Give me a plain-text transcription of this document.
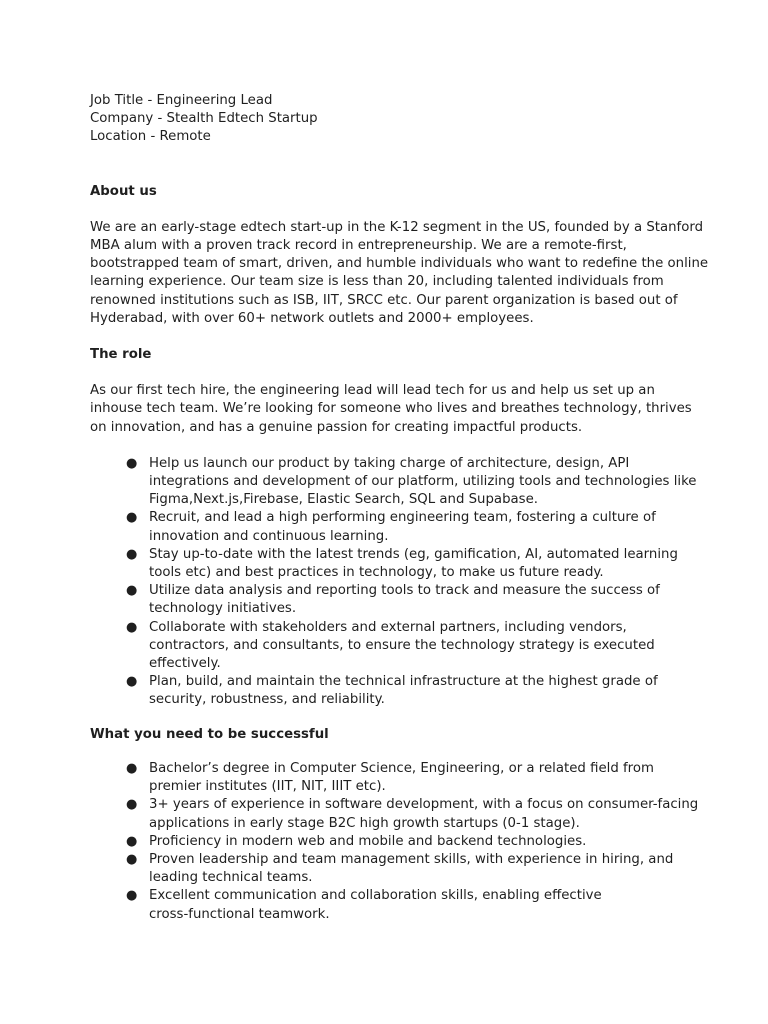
Job Title - Engineering Lead
Company - Stealth Edtech Startup
Location - Remote
About us
We are an early-stage edtech start-up in the K-12 segment in the US, founded by a Stanford
MBA alum with a proven track record in entrepreneurship. We are a remote-first,
bootstrapped team of smart, driven, and humble individuals who want to redefine the online
learning experience. Our team size is less than 20, including talented individuals from
renowned institutions such as ISB, IIT, SRCC etc. Our parent organization is based out of
Hyderabad, with over 60+ network outlets and 2000+ employees.
The role
As our first tech hire, the engineering lead will lead tech for us and help us set up an
inhouse tech team. We’re looking for someone who lives and breathes technology, thrives
on innovation, and has a genuine passion for creating impactful products.
● Help us launch our product by taking charge of architecture, design, API
integrations and development of our platform, utilizing tools and technologies like
Figma,Next.js,Firebase, Elastic Search, SQL and Supabase.
● Recruit, and lead a high performing engineering team, fostering a culture of
innovation and continuous learning.
● Stay up-to-date with the latest trends (eg, gamification, AI, automated learning
tools etc) and best practices in technology, to make us future ready.
● Utilize data analysis and reporting tools to track and measure the success of
technology initiatives.
● Collaborate with stakeholders and external partners, including vendors,
contractors, and consultants, to ensure the technology strategy is executed
effectively.
● Plan, build, and maintain the technical infrastructure at the highest grade of
security, robustness, and reliability.
What you need to be successful
● Bachelor’s degree in Computer Science, Engineering, or a related field from
premier institutes (IIT, NIT, IIIT etc).
● 3+ years of experience in software development, with a focus on consumer-facing
applications in early stage B2C high growth startups (0-1 stage).
● Proficiency in modern web and mobile and backend technologies.
● Proven leadership and team management skills, with experience in hiring, and
leading technical teams.
● Excellent communication and collaboration skills, enabling effective
cross-functional teamwork.
